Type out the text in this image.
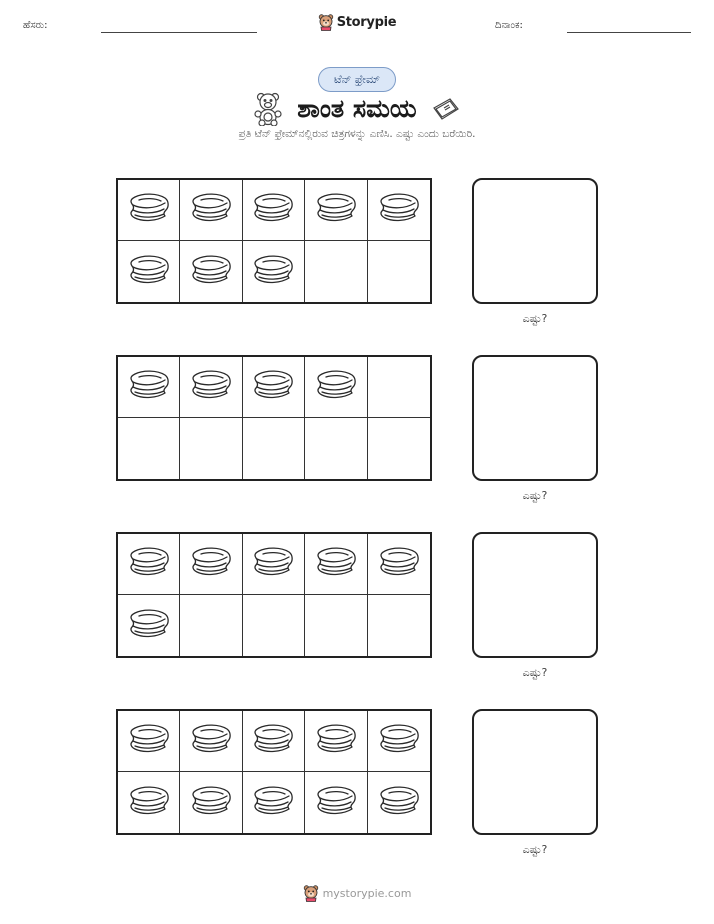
ಹೆಸರು:	Storypie	ದಿನಾಂಕ:
ಟೆನ್ ಫ್ರೇಮ್
ಶಾಂತ ಸಮಯ
ಪ್ರತಿ ಟೆನ್ ಫ್ರೇಮ್‌ನಲ್ಲಿರುವ ಚಿತ್ರಗಳನ್ನು ಎಣಿಸಿ. ಎಷ್ಟು ಎಂದು ಬರೆಯಿರಿ.
ಎಷ್ಟು?
ಎಷ್ಟು?
ಎಷ್ಟು?
ಎಷ್ಟು?
mystorypie.com
